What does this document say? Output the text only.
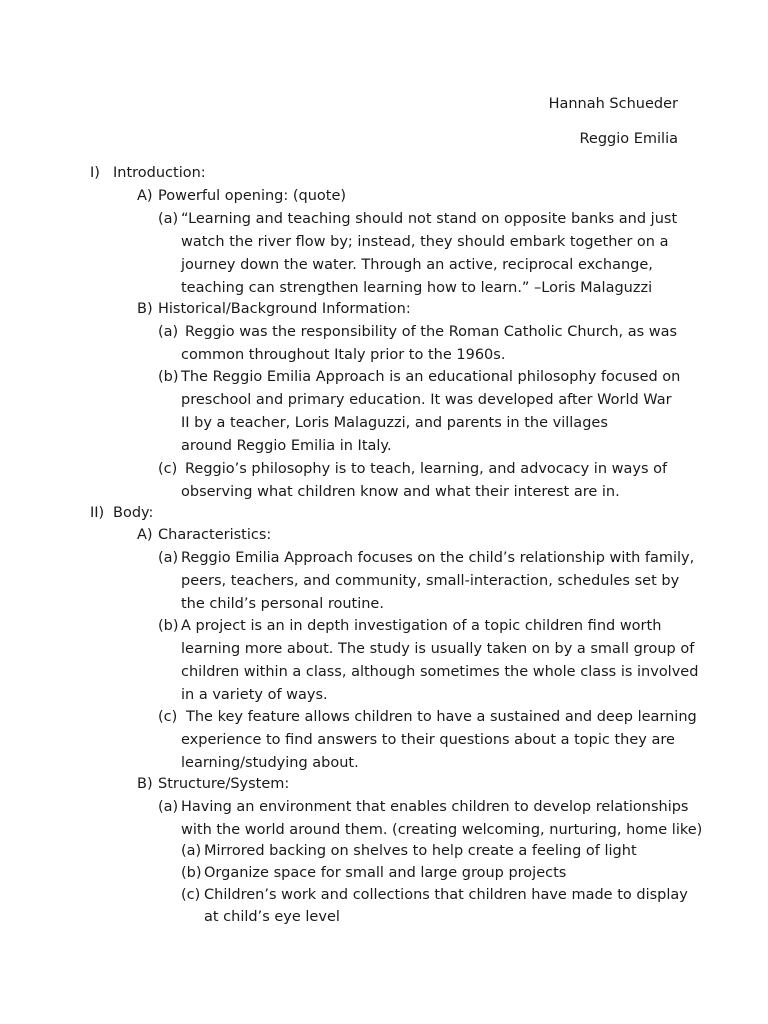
Hannah Schueder
Reggio Emilia
I) Introduction:
A) Powerful opening: (quote)
(a) “Learning and teaching should not stand on opposite banks and just
watch the river flow by; instead, they should embark together on a
journey down the water. Through an active, reciprocal exchange,
teaching can strengthen learning how to learn.” –Loris Malaguzzi
B) Historical/Background Information:
(a) Reggio was the responsibility of the Roman Catholic Church, as was
common throughout Italy prior to the 1960s.
(b) The Reggio Emilia Approach is an educational philosophy focused on
preschool and primary education. It was developed after World War
II by a teacher, Loris Malaguzzi, and parents in the villages
around Reggio Emilia in Italy.
(c) Reggio’s philosophy is to teach, learning, and advocacy in ways of
observing what children know and what their interest are in.
II) Body:
A) Characteristics:
(a) Reggio Emilia Approach focuses on the child’s relationship with family,
peers, teachers, and community, small-interaction, schedules set by
the child’s personal routine.
(b) A project is an in depth investigation of a topic children find worth
learning more about. The study is usually taken on by a small group of
children within a class, although sometimes the whole class is involved
in a variety of ways.
(c) The key feature allows children to have a sustained and deep learning
experience to find answers to their questions about a topic they are
learning/studying about.
B) Structure/System:
(a) Having an environment that enables children to develop relationships
with the world around them. (creating welcoming, nurturing, home like)
(a) Mirrored backing on shelves to help create a feeling of light
(b) Organize space for small and large group projects
(c) Children’s work and collections that children have made to display
at child’s eye level
